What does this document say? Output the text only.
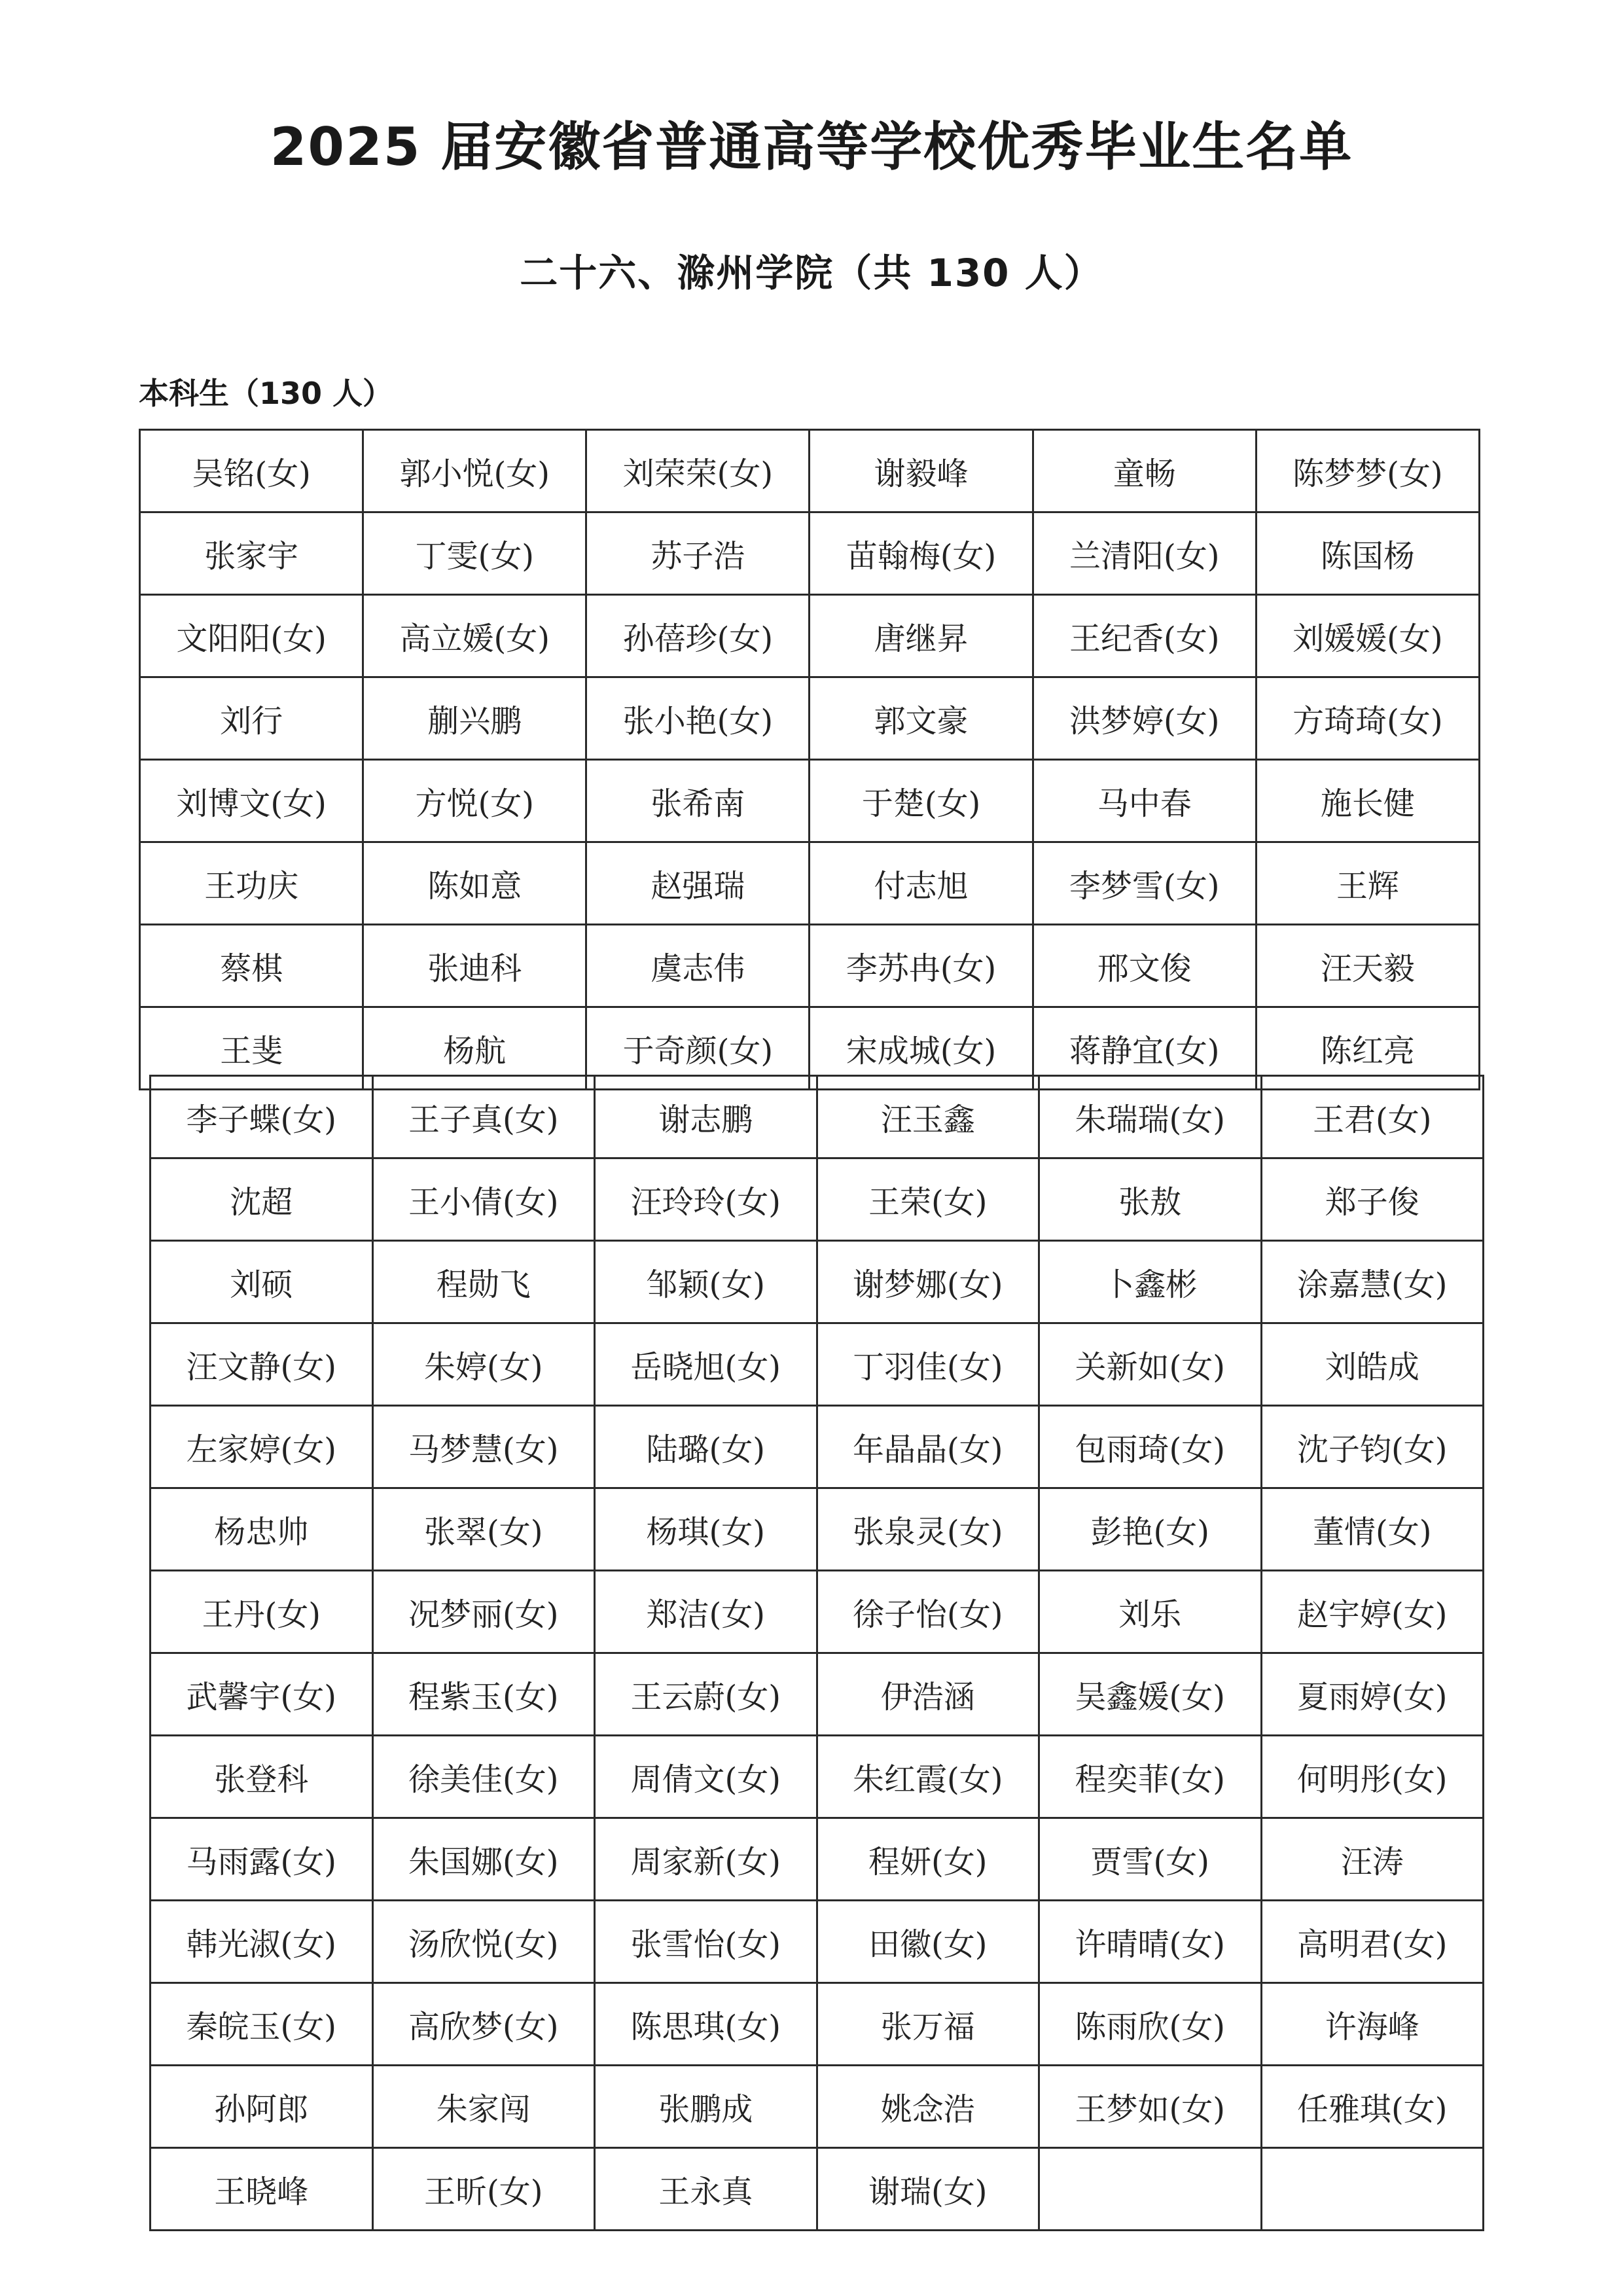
2025 届安徽省普通高等学校优秀毕业生名单
二十六、滁州学院（共 130 人）
本科生（130 人）
吴铭(女)	郭小悦(女)	刘荣荣(女)	谢毅峰	童畅	陈梦梦(女)
张家宇	丁雯(女)	苏子浩	苗翰梅(女)	兰清阳(女)	陈国杨
文阳阳(女)	高立媛(女)	孙蓓珍(女)	唐继昇	王纪香(女)	刘媛媛(女)
刘行	蒯兴鹏	张小艳(女)	郭文豪	洪梦婷(女)	方琦琦(女)
刘博文(女)	方悦(女)	张希南	于楚(女)	马中春	施长健
王功庆	陈如意	赵强瑞	付志旭	李梦雪(女)	王辉
蔡棋	张迪科	虞志伟	李苏冉(女)	邢文俊	汪天毅
王斐	杨航	于奇颜(女)	宋成城(女)	蒋静宜(女)	陈红亮
李子蝶(女)	王子真(女)	谢志鹏	汪玉鑫	朱瑞瑞(女)	王君(女)
沈超	王小倩(女)	汪玲玲(女)	王荣(女)	张敖	郑子俊
刘硕	程勋飞	邹颖(女)	谢梦娜(女)	卜鑫彬	涂嘉慧(女)
汪文静(女)	朱婷(女)	岳晓旭(女)	丁羽佳(女)	关新如(女)	刘皓成
左家婷(女)	马梦慧(女)	陆璐(女)	年晶晶(女)	包雨琦(女)	沈子钧(女)
杨忠帅	张翠(女)	杨琪(女)	张泉灵(女)	彭艳(女)	董情(女)
王丹(女)	况梦丽(女)	郑洁(女)	徐子怡(女)	刘乐	赵宇婷(女)
武馨宇(女)	程紫玉(女)	王云蔚(女)	伊浩涵	吴鑫媛(女)	夏雨婷(女)
张登科	徐美佳(女)	周倩文(女)	朱红霞(女)	程奕菲(女)	何明彤(女)
马雨露(女)	朱国娜(女)	周家新(女)	程妍(女)	贾雪(女)	汪涛
韩光淑(女)	汤欣悦(女)	张雪怡(女)	田徽(女)	许晴晴(女)	高明君(女)
秦皖玉(女)	高欣梦(女)	陈思琪(女)	张万福	陈雨欣(女)	许海峰
孙阿郎	朱家闯	张鹏成	姚念浩	王梦如(女)	任雅琪(女)
王晓峰	王昕(女)	王永真	谢瑞(女)		
